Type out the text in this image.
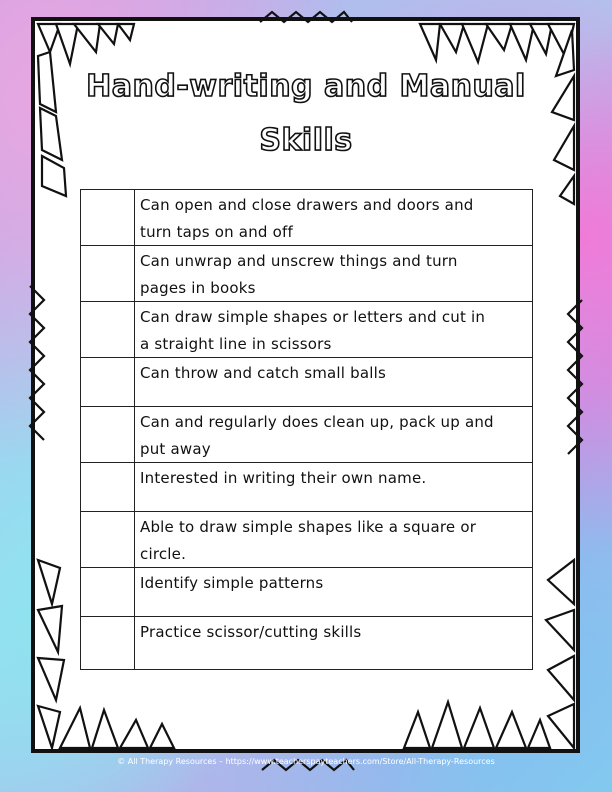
Hand-writing and Manual
Skills

	Can open and close drawers and doors and
turn taps on and off

	Can unwrap and unscrew things and turn
pages in books

	Can draw simple shapes or letters and cut in
a straight line in scissors

	Can throw and catch small balls

	Can and regularly does clean up, pack up and
put away

	Interested in writing their own name.

	Able to draw simple shapes like a square or
circle.

	Identify simple patterns

	Practice scissor/cutting skills
© All Therapy Resources – https://www.teacherspayteachers.com/Store/All-Therapy-Resources
